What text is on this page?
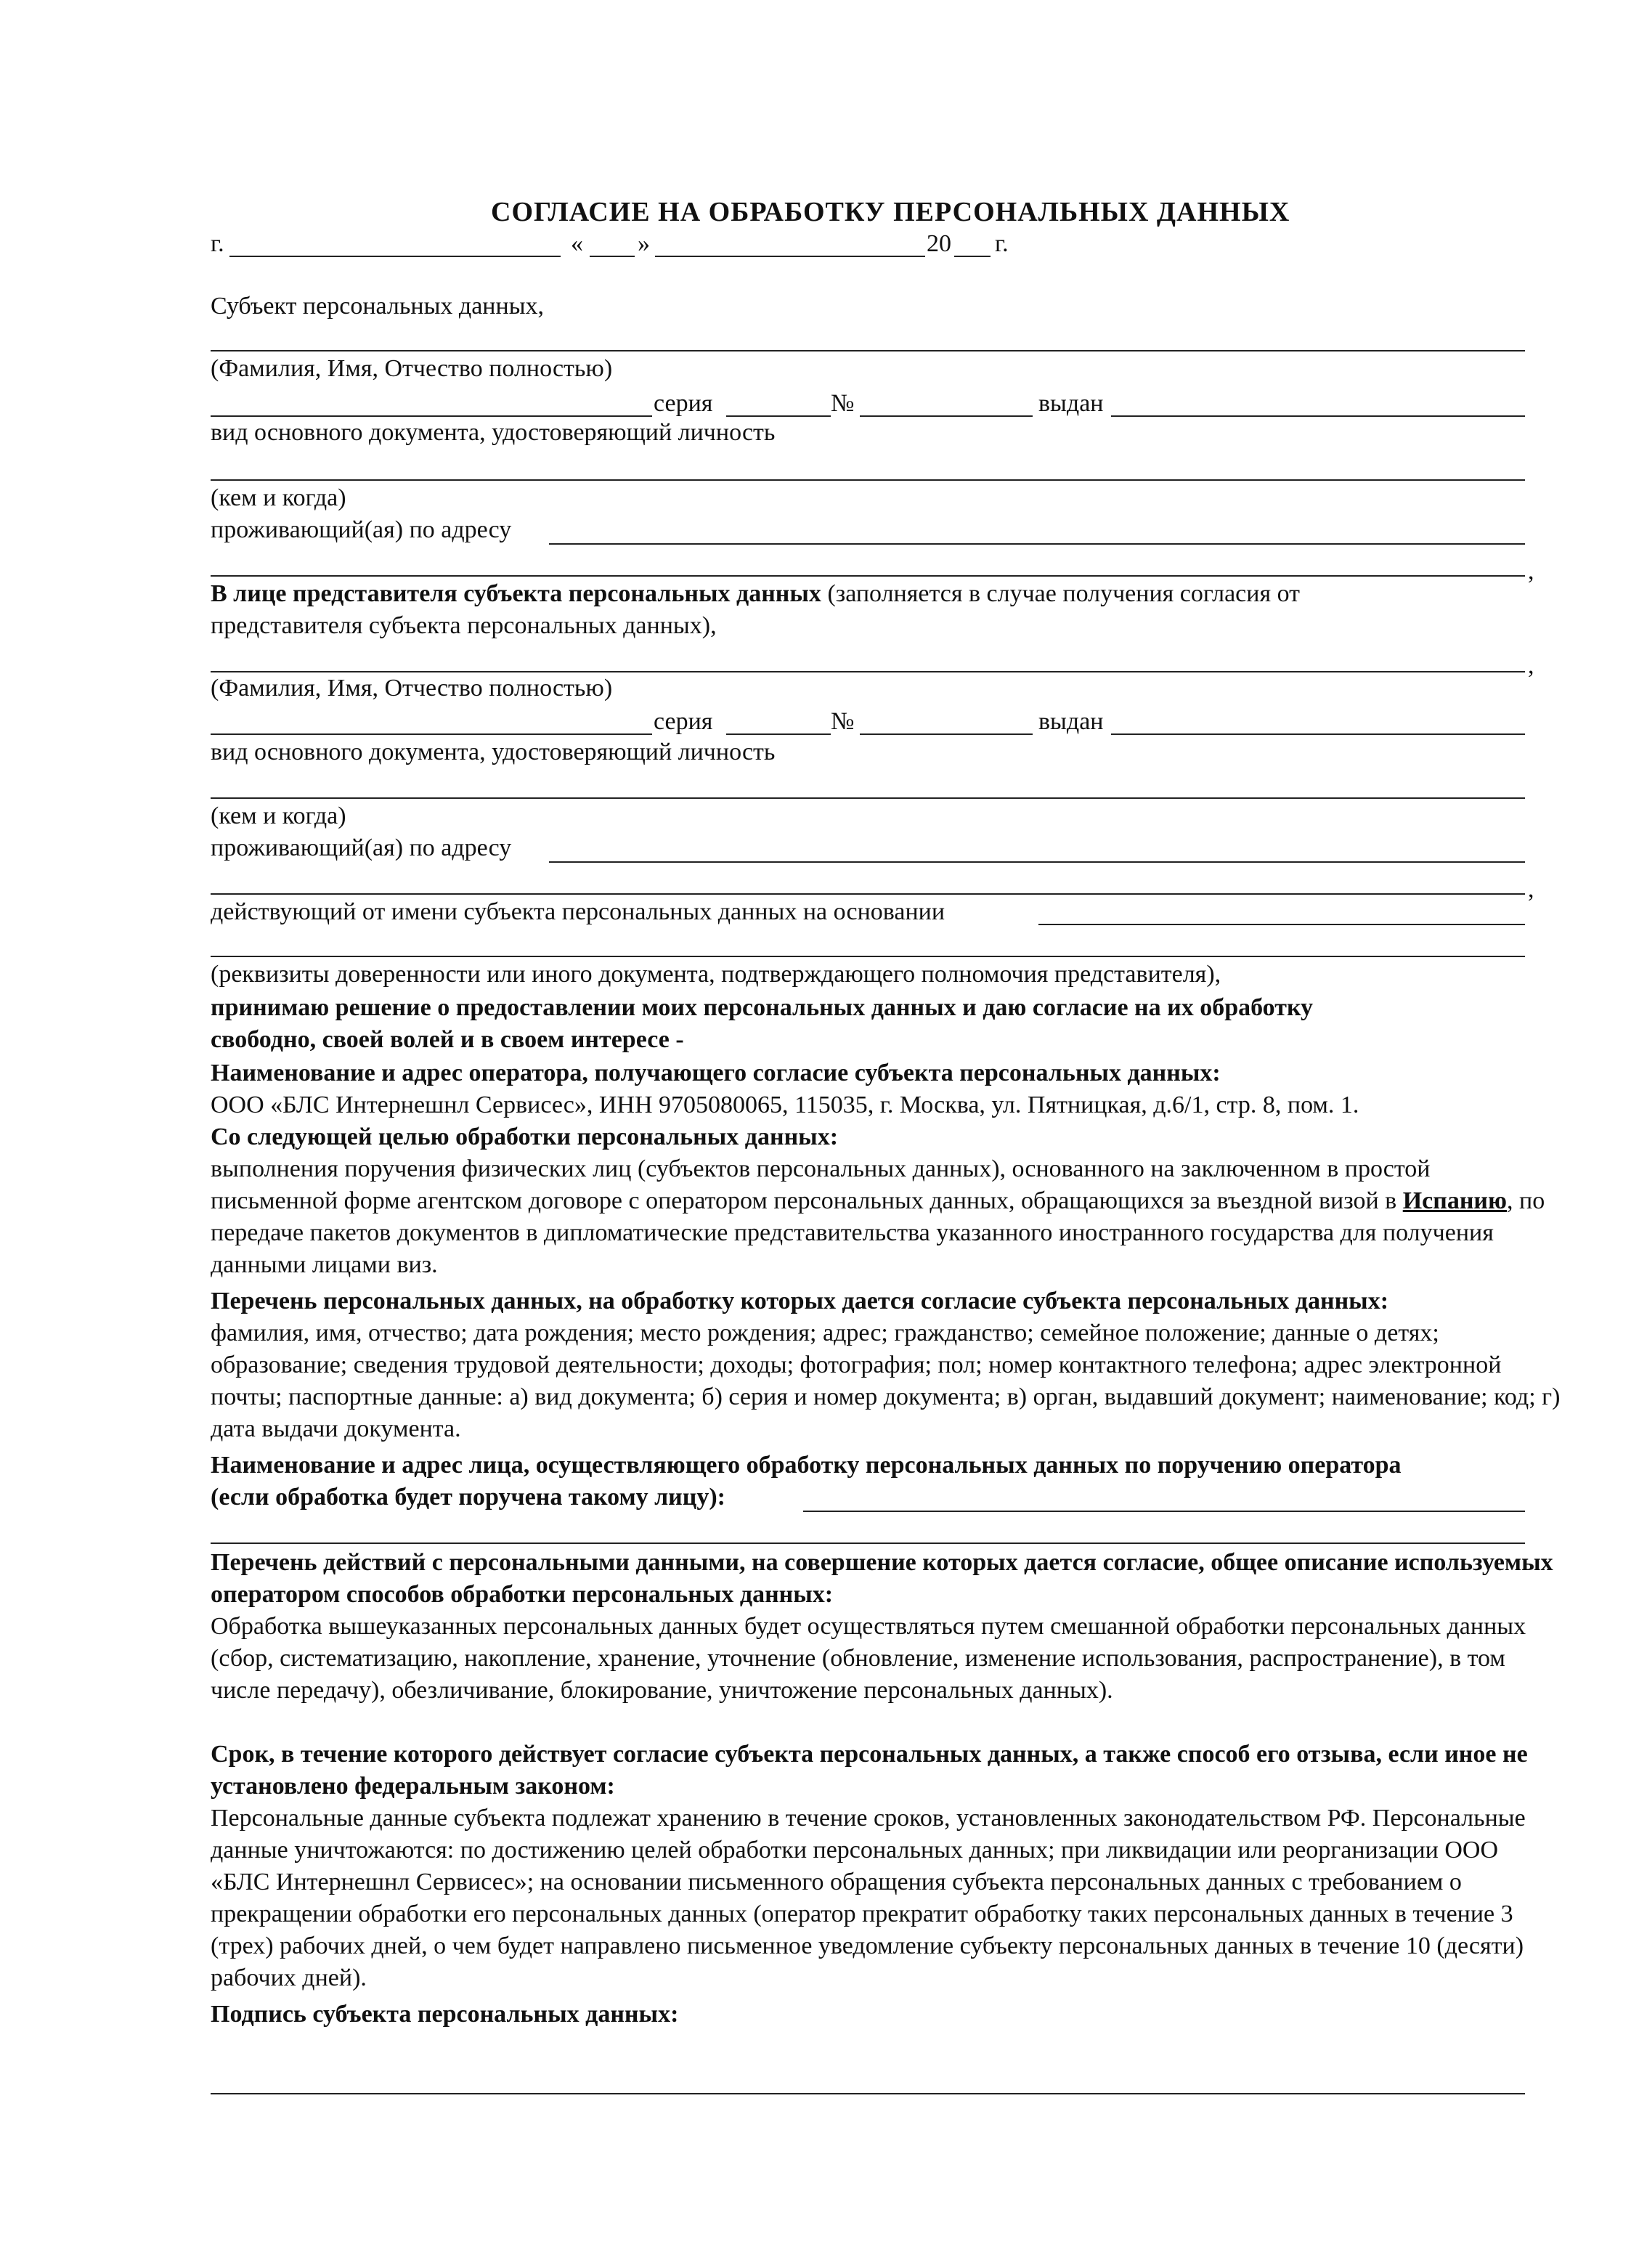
СОГЛАСИЕ НА ОБРАБОТКУ ПЕРСОНАЛЬНЫХ ДАННЫХ
г.	« »	20 г.
Субъект персональных данных,
(Фамилия, Имя, Отчество полностью)
серия	№	выдан
вид основного документа, удостоверяющий личность
(кем и когда)
проживающий(ая) по адресу
,
В лице представителя субъекта персональных данных (заполняется в случае получения согласия от
представителя субъекта персональных данных),
,
(Фамилия, Имя, Отчество полностью)
серия	№	выдан
вид основного документа, удостоверяющий личность
(кем и когда)
проживающий(ая) по адресу
,
действующий от имени субъекта персональных данных на основании
(реквизиты доверенности или иного документа, подтверждающего полномочия представителя),
принимаю решение о предоставлении моих персональных данных и даю согласие на их обработку
свободно, своей волей и в своем интересе -
Наименование и адрес оператора, получающего согласие субъекта персональных данных:
ООО «БЛС Интернешнл Сервисес», ИНН 9705080065, 115035, г. Москва, ул. Пятницкая, д.6/1, стр. 8, пом. 1.
Со следующей целью обработки персональных данных:
выполнения поручения физических лиц (субъектов персональных данных), основанного на заключенном в простой письменной форме агентском договоре с оператором персональных данных, обращающихся за въездной визой в Испанию, по передаче пакетов документов в дипломатические представительства указанного иностранного государства для получения данными лицами виз.
Перечень персональных данных, на обработку которых дается согласие субъекта персональных данных:
фамилия, имя, отчество; дата рождения; место рождения; адрес; гражданство; семейное положение; данные о детях; образование; сведения трудовой деятельности; доходы; фотография; пол; номер контактного телефона; адрес электронной почты; паспортные данные: а) вид документа; б) серия и номер документа; в) орган, выдавший документ; наименование; код; г) дата выдачи документа.
Наименование и адрес лица, осуществляющего обработку персональных данных по поручению оператора
(если обработка будет поручена такому лицу):
Перечень действий с персональными данными, на совершение которых дается согласие, общее описание используемых оператором способов обработки персональных данных:
Обработка вышеуказанных персональных данных будет осуществляться путем смешанной обработки персональных данных (сбор, систематизацию, накопление, хранение, уточнение (обновление, изменение использования, распространение), в том числе передачу), обезличивание, блокирование, уничтожение персональных данных).
Срок, в течение которого действует согласие субъекта персональных данных, а также способ его отзыва, если иное не установлено федеральным законом:
Персональные данные субъекта подлежат хранению в течение сроков, установленных законодательством РФ. Персональные данные уничтожаются: по достижению целей обработки персональных данных; при ликвидации или реорганизации ООО «БЛС Интернешнл Сервисес»; на основании письменного обращения субъекта персональных данных с требованием о прекращении обработки его персональных данных (оператор прекратит обработку таких персональных данных в течение 3 (трех) рабочих дней, о чем будет направлено письменное уведомление субъекту персональных данных в течение 10 (десяти) рабочих дней).
Подпись субъекта персональных данных:
